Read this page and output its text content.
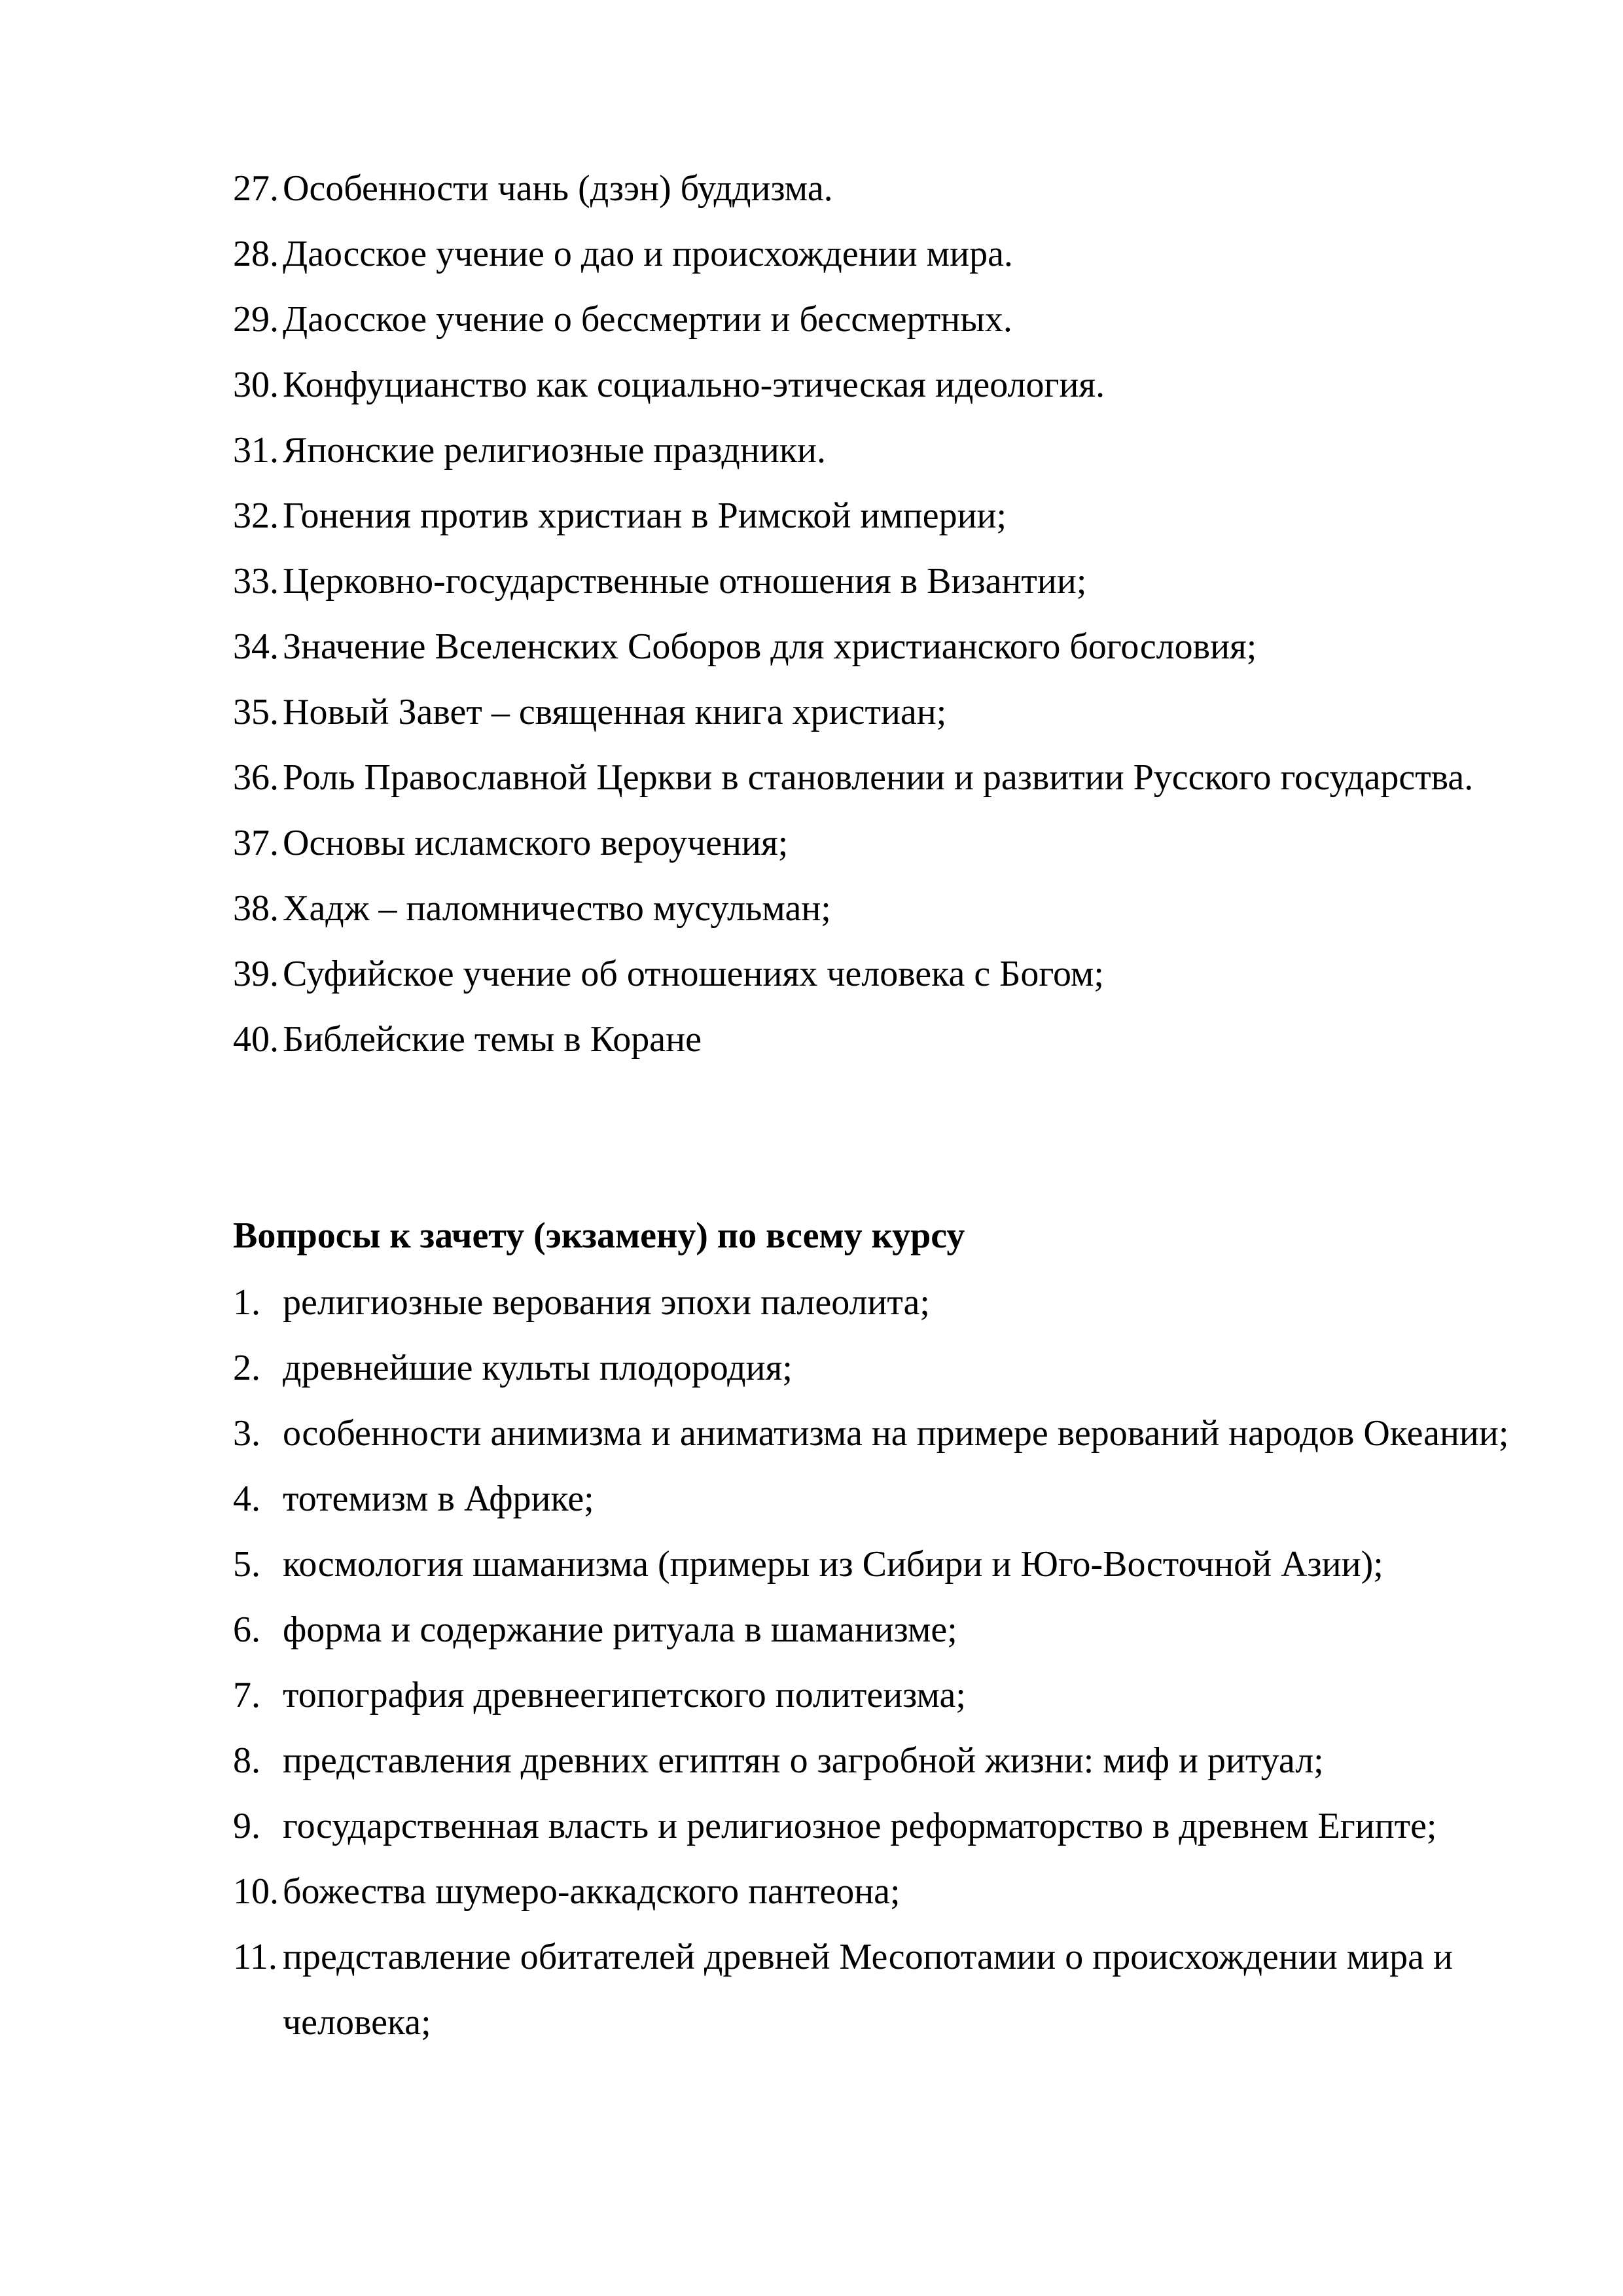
27. Особенности чань (дзэн) буддизма.
28. Даосское учение о дао и происхождении мира.
29. Даосское учение о бессмертии и бессмертных.
30. Конфуцианство как социально-этическая идеология.
31. Японские религиозные праздники.
32. Гонения против христиан в Римской империи;
33. Церковно-государственные отношения в Византии;
34. Значение Вселенских Соборов для христианского богословия;
35. Новый Завет – священная книга христиан;
36. Роль Православной Церкви в становлении и развитии Русского государства.
37. Основы исламского вероучения;
38. Хадж – паломничество мусульман;
39. Суфийское учение об отношениях человека с Богом;
40. Библейские темы в Коране
Вопросы к зачету (экзамену) по всему курсу
1. религиозные верования эпохи палеолита;
2. древнейшие культы плодородия;
3. особенности анимизма и аниматизма на примере верований народов Океании;
4. тотемизм в Африке;
5. космология шаманизма (примеры из Сибири и Юго-Восточной Азии);
6. форма и содержание ритуала в шаманизме;
7. топография древнеегипетского политеизма;
8. представления древних египтян о загробной жизни: миф и ритуал;
9. государственная власть и религиозное реформаторство в древнем Египте;
10. божества шумеро-аккадского пантеона;
11. представление обитателей древней Месопотамии о происхождении мира и человека;
